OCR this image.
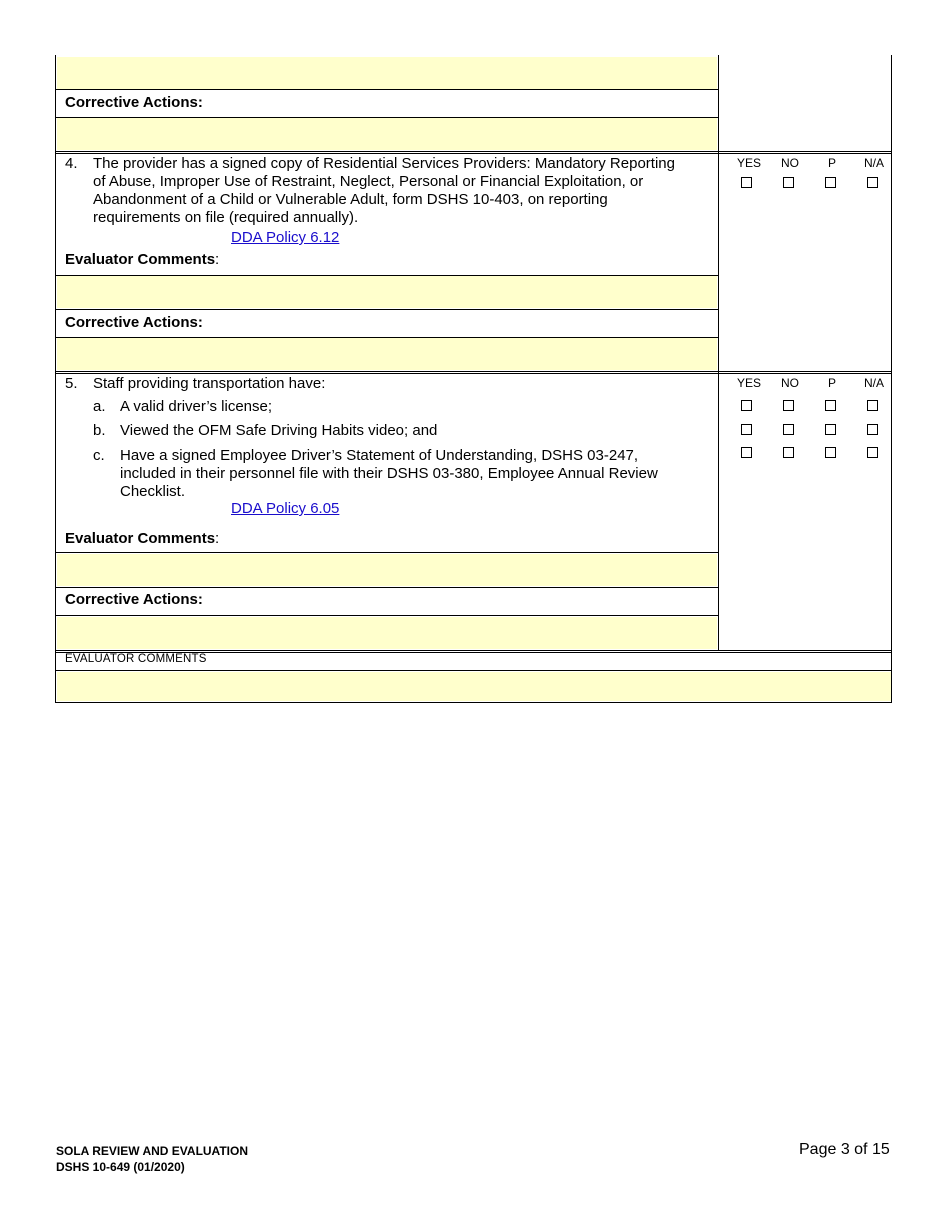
Corrective Actions:
4. The provider has a signed copy of Residential Services Providers: Mandatory Reporting
of Abuse, Improper Use of Restraint, Neglect, Personal or Financial Exploitation, or
Abandonment of a Child or Vulnerable Adult, form DSHS 10-403, on reporting
requirements on file (required annually).
DDA Policy 6.12
Evaluator Comments:
Corrective Actions:
YES NO P N/A
5. Staff providing transportation have:
a. A valid driver’s license;
b. Viewed the OFM Safe Driving Habits video; and
c. Have a signed Employee Driver’s Statement of Understanding, DSHS 03-247,
included in their personnel file with their DSHS 03-380, Employee Annual Review
Checklist.
DDA Policy 6.05
Evaluator Comments:
Corrective Actions:
YES NO P N/A
EVALUATOR COMMENTS
SOLA REVIEW AND EVALUATION
DSHS 10-649 (01/2020)
Page 3 of 15
